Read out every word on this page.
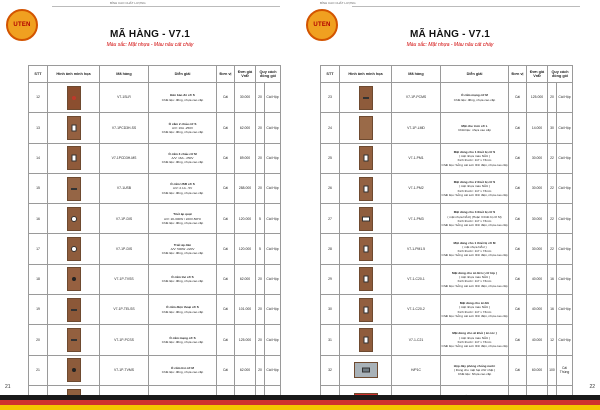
UTEN
BÌNH CAO CHẤT LƯỢNG
MÃ HÀNG - V7.1
Màu sắc: Mặt nhựa - Màu nâu cát cháy
STT	Hình ảnh minh họa	Mã hàng	Diễn giải	Đơn vị	Đơn giá VnĐ	Quy cách đóng gói	
12		V7-1SLR	Đèn báo đỏ cỡ S
Chất liệu: đồng, nhựa cao cấp	Cái	30.000	20	Cái Hộp
13		V7-1PCD3H-SS	Ổ cắm 2 chấu cỡ S
A/V: 16A -250V
Chất liệu: đồng, nhựa cao cấp	Cái	62.000	20	Cái Hộp
14		V7-1PCD3H-MS	Ổ cắm 3 chấu cỡ M
A/V: 16A - 250V
Chất liệu: đồng, nhựa cao cấp	Cái	89.000	20	Cái Hộp
15		V7-1USB	Ổ cắm USB cỡ S
A/V: 2.1A - 5V
Chất liệu: đồng, nhựa cao cấp	Cái	288.000	20	Cái Hộp
16		V7-1P-DIS	Triết áp quạt
A/V: 20-300W / 220V-50Hz
Chất liệu: đồng, nhựa cao cấp	Cái	120.000	5	Cái Hộp
17		V7-1P-DIS	Triết áp đèn
A/V: 500W -220V
Chất liệu: đồng, nhựa cao cấp	Cái	120.000	5	Cái Hộp
18		V7-1P-TVSS	Ổ cắm tivi cỡ S
Chất liệu: đồng, nhựa cao cấp	Cái	62.000	20	Cái Hộp
19		V7-1P-TELSS	Ổ cắm điện thoại cỡ S
Chất liệu: đồng, nhựa cao cấp	Cái	101.000	20	Cái Hộp
20		V7-1P-PCSS	Ổ cắm mạng cỡ S
Chất liệu: đồng, nhựa cao cấp	Cái	125.000	20	Cái Hộp
21		V7-1P-TVMS	Ổ cắm tivi cỡ M
Chất liệu: đồng, nhựa cao cấp	Cái	62.000	20	Cái Hộp

21
UTEN
BÌNH CAO CHẤT LƯỢNG
MÃ HÀNG - V7.1
Màu sắc: Mặt nhựa - Màu nâu cát cháy
STT	Hình ảnh minh họa	Mã hàng	Diễn giải	Đơn vị	Đơn giá VnĐ	Quy cách đóng gói	
23		V7-1P-PCMS	Ổ cắm mạng cỡ M
Chất liệu: đồng, nhựa cao cấp	Cái	125.000	20	Cái Hộp
24		V7-1P-LMD	Mặt che trơn cỡ L
Chất liệu: nhựa cao cấp	Cái	14.000	30	Cái Hộp
25		V7-1-PM1	Mặt dùng cho 1 thiết bị cỡ S
( mặt nhựa màu NÂU )
Kích thước: 117 x 73mm
Chất liệu: Sơ̂ng cát sơn tĩnh điện, nhựa cao cấp	Cái	30.000	22	Cái Hộp
26		V7-1-PM2	Mặt dùng cho 2 thiết bị cỡ S
( mặt nhựa màu NÂU )
Kích thước: 117 x 73mm
Chất liệu: Sơ̂ng cát sơn tĩnh điện, nhựa cao cấp	Cái	30.000	22	Cái Hộp
27		V7-1-PM3	Mặt dùng cho 3 thiết bị cỡ S
( mặt nhựa NÂU) (Hoặc 3 thiết bị cỡ M)
Kích thước: 117 x 73mm
Chất liệu: Sơ̂ng cát sơn tĩnh điện, nhựa cao cấp	Cái	30.000	22	Cái Hộp
28		V7-1-PM1.5	Mặt dùng cho 1 thiết bị cỡ M
( mặt nhựa NÂU )
Kích thước: 117 x 73mm
Chất liệu: Sơ̂ng cát sơn tĩnh điện, nhựa cao cấp	Cái	30.000	22	Cái Hộp
29		V7-1-C20-1	Mặt dùng cho át đơn ( cỡ lớp )
( mặt nhựa màu NÂU )
Kích thước: 117 x 73mm
Chất liệu: Sơ̂ng cát sơn tĩnh điện, nhựa cao cấp	Cái	40.000	16	Cái Hộp
30		V7-1-C20-2	Mặt dùng cho át đôi
( mặt nhựa màu NÂU )
Kích thước: 117 x 73mm
Chất liệu: Sơ̂ng cát sơn tĩnh điện, nhựa cao cấp	Cái	40.000	16	Cái Hộp
31		V7-1-C21	Mặt dùng cho át khối ( át cóc )
( mặt nhựa màu NÂU )
Kích thước: 117 x 73mm
Chất liệu: Sơ̂ng cát sơn tĩnh điện, nhựa cao cấp	Cái	40.000	12	Cái Hộp
32		H/P1C	Hộp đáy phòng chống nước
( Dùng cho mặt hạt chữ nhật )
Chất liệu: Nhựa cao cấp	Cái	60.000	100	Cái Thùng

22
